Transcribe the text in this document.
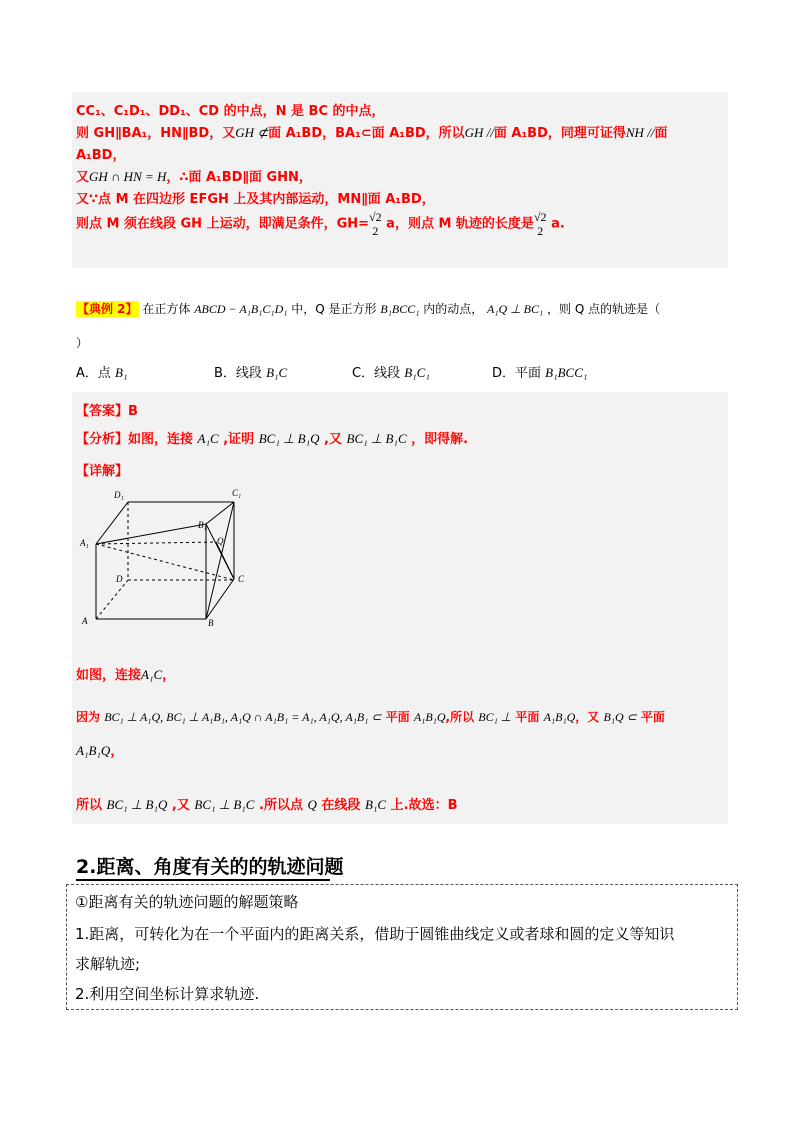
CC₁、C₁D₁、DD₁、CD 的中点，N 是 BC 的中点，
则 GH∥BA₁，HN∥BD，又GH ⊄面 A₁BD，BA₁⊂面 A₁BD，所以GH //面 A₁BD，同理可证得NH //面
A₁BD，
又GH ∩ HN = H，∴面 A₁BD∥面 GHN，
又∵点 M 在四边形 EFGH 上及其内部运动，MN∥面 A₁BD，
则点 M 须在线段 GH 上运动，即满足条件，GH=√2
2 a，则点 M 轨迹的长度是√2
2 a.
【典例 2】 在正方体 ABCD − A₁B₁C₁D₁ 中，Q 是正方形 B₁BCC₁ 内的动点， A₁Q ⊥ BC₁ ，则 Q 点的轨迹是（
）
A．点 B₁	B．线段 B₁C	C．线段 B₁C₁	D．平面 B₁BCC₁
【答案】B
【分析】如图，连接 A₁C ,证明 BC₁ ⊥ B₁Q ,又 BC₁ ⊥ B₁C ，即得解.
【详解】
D₁	C₁
B₁
A₁	Q
D	C
A	B
如图，连接A₁C，
因为 BC₁ ⊥ A₁Q, BC₁ ⊥ A₁B₁, A₁Q ∩ A₁B₁ = A₁, A₁Q, A₁B₁ ⊂ 平面 A₁B₁Q,所以 BC₁ ⊥ 平面 A₁B₁Q，又 B₁Q ⊂ 平面
A₁B₁Q，
所以 BC₁ ⊥ B₁Q ,又 BC₁ ⊥ B₁C .所以点 Q 在线段 B₁C 上.故选：B
2.距离、角度有关的的轨迹问题
①距离有关的轨迹问题的解题策略
1.距离，可转化为在一个平面内的距离关系，借助于圆锥曲线定义或者球和圆的定义等知识
求解轨迹;
2.利用空间坐标计算求轨迹.
